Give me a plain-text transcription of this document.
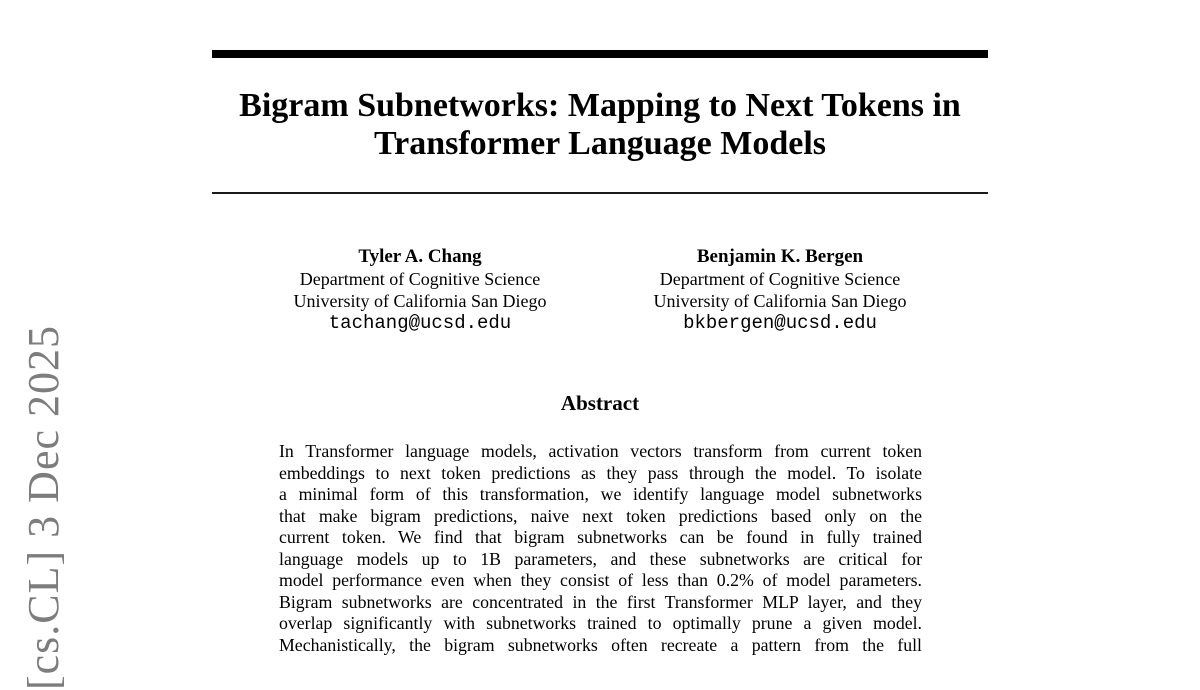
[cs.CL] 3 Dec 2025
Bigram Subnetworks: Mapping to Next Tokens in
Transformer Language Models
Tyler A. Chang
Department of Cognitive Science
University of California San Diego
tachang@ucsd.edu
Benjamin K. Bergen
Department of Cognitive Science
University of California San Diego
bkbergen@ucsd.edu
Abstract
In Transformer language models, activation vectors transform from current token
embeddings to next token predictions as they pass through the model. To isolate
a minimal form of this transformation, we identify language model subnetworks
that make bigram predictions, naive next token predictions based only on the
current token. We find that bigram subnetworks can be found in fully trained
language models up to 1B parameters, and these subnetworks are critical for
model performance even when they consist of less than 0.2% of model parameters.
Bigram subnetworks are concentrated in the first Transformer MLP layer, and they
overlap significantly with subnetworks trained to optimally prune a given model.
Mechanistically, the bigram subnetworks often recreate a pattern from the full
